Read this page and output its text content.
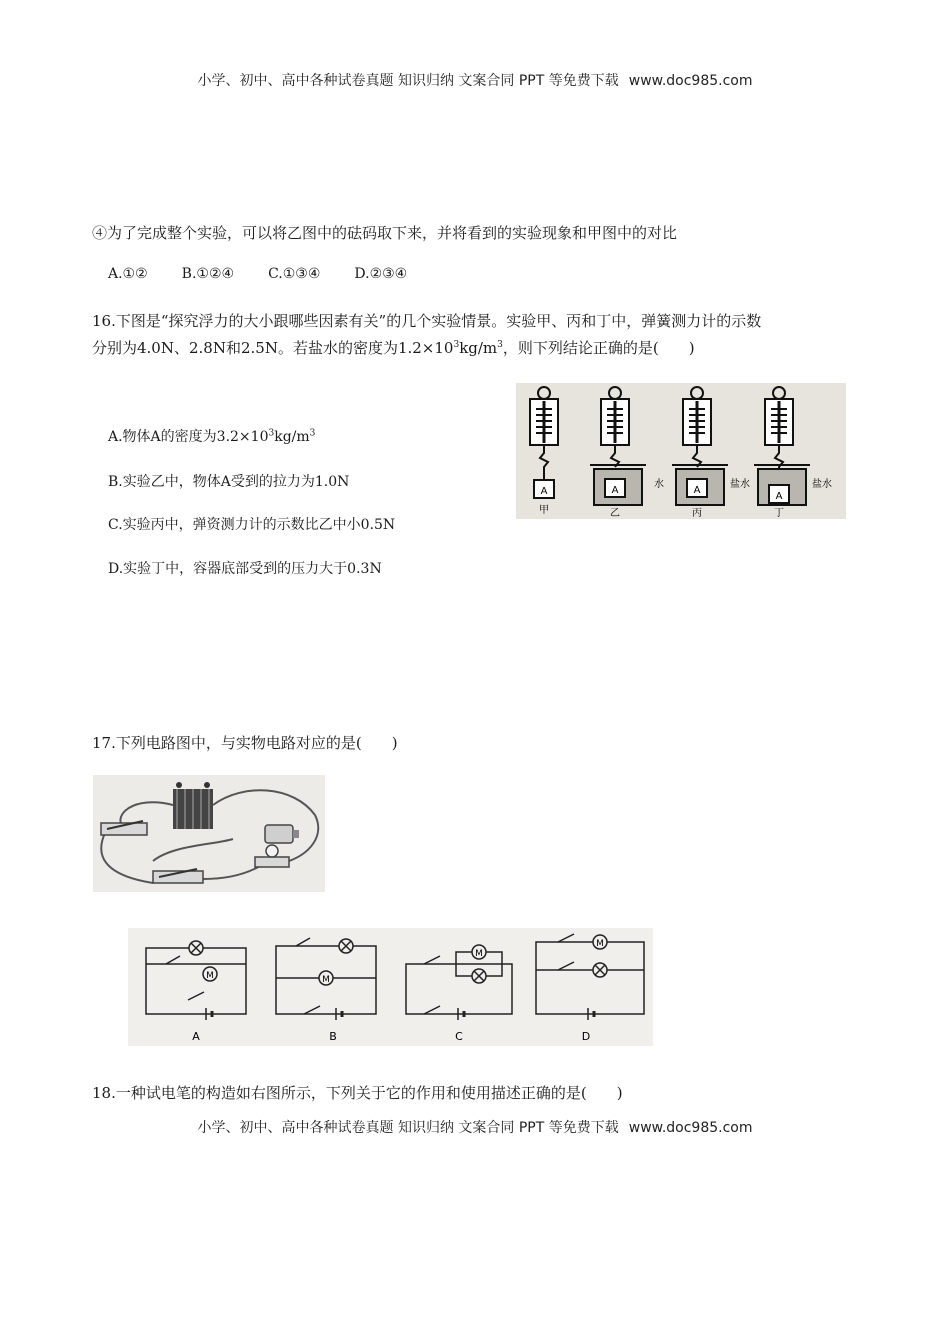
小学、初中、高中各种试卷真题 知识归纳 文案合同 PPT 等免费下载 www.doc985.com
④为了完成整个实验，可以将乙图中的砝码取下来，并将看到的实验现象和甲图中的对比
A.①② B.①②④ C.①③④ D.②③④
16.下图是“探究浮力的大小跟哪些因素有关”的几个实验情景。实验甲、丙和丁中，弹簧测力计的示数
分别为4.0N、2.8N和2.5N。若盐水的密度为$1.2\times 10^3kg/m^3$，则下列结论正确的是(　　)
A.物体A的密度为$3.2\times 10^3kg/m^3$
B.实验乙中，物体A受到的拉力为1.0N
C.实验丙中，弹资测力计的示数比乙中小0.5N
D.实验丁中，容器底部受到的压力大于0.3N
A
甲
A
水
乙
A
盐水
丙
A
盐水
丁
17.下列电路图中，与实物电路对应的是(　　)
M
A
M
B
M
C
M
D
18.一种试电笔的构造如右图所示，下列关于它的作用和使用描述正确的是(　　)
小学、初中、高中各种试卷真题 知识归纳 文案合同 PPT 等免费下载 www.doc985.com
